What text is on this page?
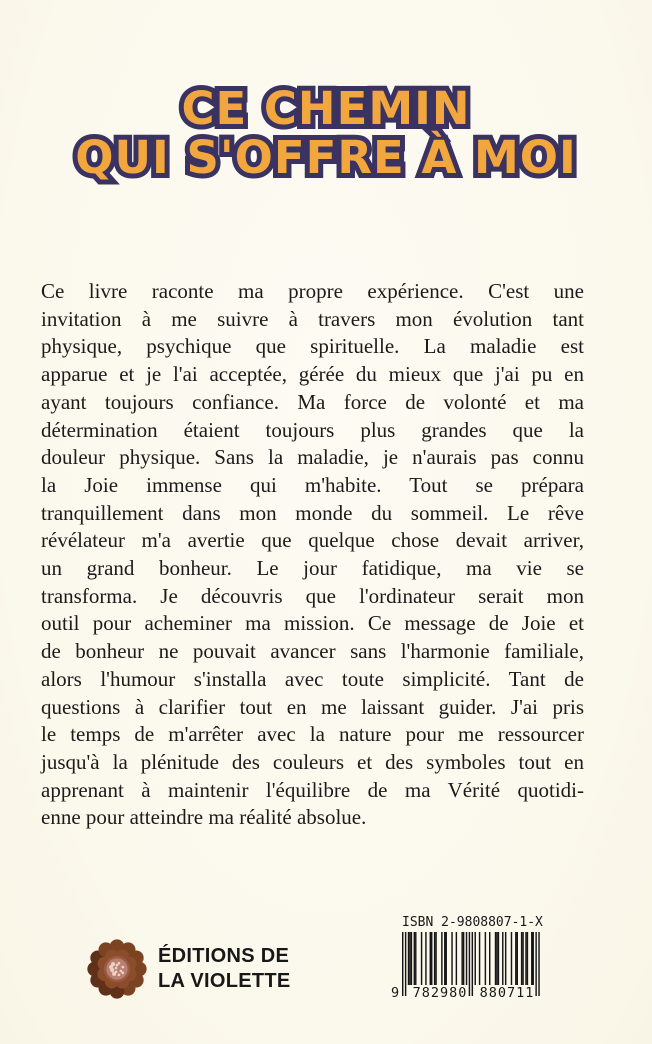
CE CHEMIN CE CHEMIN
QUI S'OFFRE À MOI QUI S'OFFRE À MOI
Ce livre raconte ma propre expérience. C'est une
invitation à me suivre à travers mon évolution tant
physique, psychique que spirituelle. La maladie est
apparue et je l'ai acceptée, gérée du mieux que j'ai pu en
ayant toujours confiance. Ma force de volonté et ma
détermination étaient toujours plus grandes que la
douleur physique. Sans la maladie, je n'aurais pas connu
la Joie immense qui m'habite. Tout se prépara
tranquillement dans mon monde du sommeil. Le rêve
révélateur m'a avertie que quelque chose devait arriver,
un grand bonheur. Le jour fatidique, ma vie se
transforma. Je découvris que l'ordinateur serait mon
outil pour acheminer ma mission. Ce message de Joie et
de bonheur ne pouvait avancer sans l'harmonie familiale,
alors l'humour s'installa avec toute simplicité. Tant de
questions à clarifier tout en me laissant guider. J'ai pris
le temps de m'arrêter avec la nature pour me ressourcer
jusqu'à la plénitude des couleurs et des symboles tout en
apprenant à maintenir l'équilibre de ma Vérité quotidi-
enne pour atteindre ma réalité absolue.
ÉDITIONS DE
LA VIOLETTE
ISBN 2-9808807-1-X
9 782980 880711
